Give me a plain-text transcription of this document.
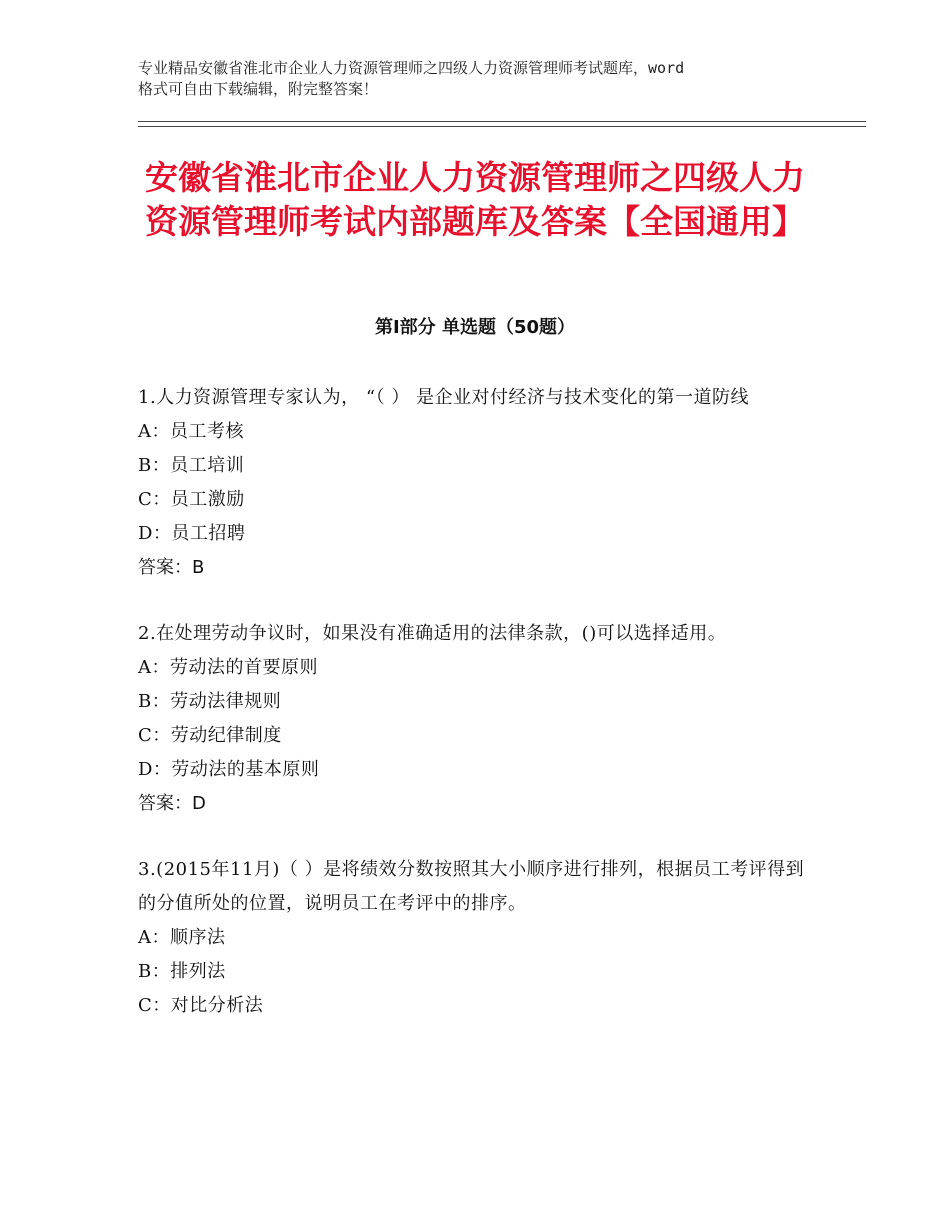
专业精品安徽省淮北市企业人力资源管理师之四级人力资源管理师考试题库，word
格式可自由下载编辑，附完整答案！
安徽省淮北市企业人力资源管理师之四级人力资源管理师考试内部题库及答案【全国通用】
第Ⅰ部分 单选题（50题）

1.人力资源管理专家认为， “（ ） 是企业对付经济与技术变化的第一道防线

A：员工考核
B：员工培训
C：员工激励
D：员工招聘

答案：B

2.在处理劳动争议时，如果没有准确适用的法律条款，()可以选择适用。

A：劳动法的首要原则
B：劳动法律规则
C：劳动纪律制度
D：劳动法的基本原则

答案：D

3.(2015年11月)（ ）是将绩效分数按照其大小顺序进行排列，根据员工考评得到的分值所处的位置，说明员工在考评中的排序。

A：顺序法
B：排列法
C：对比分析法
